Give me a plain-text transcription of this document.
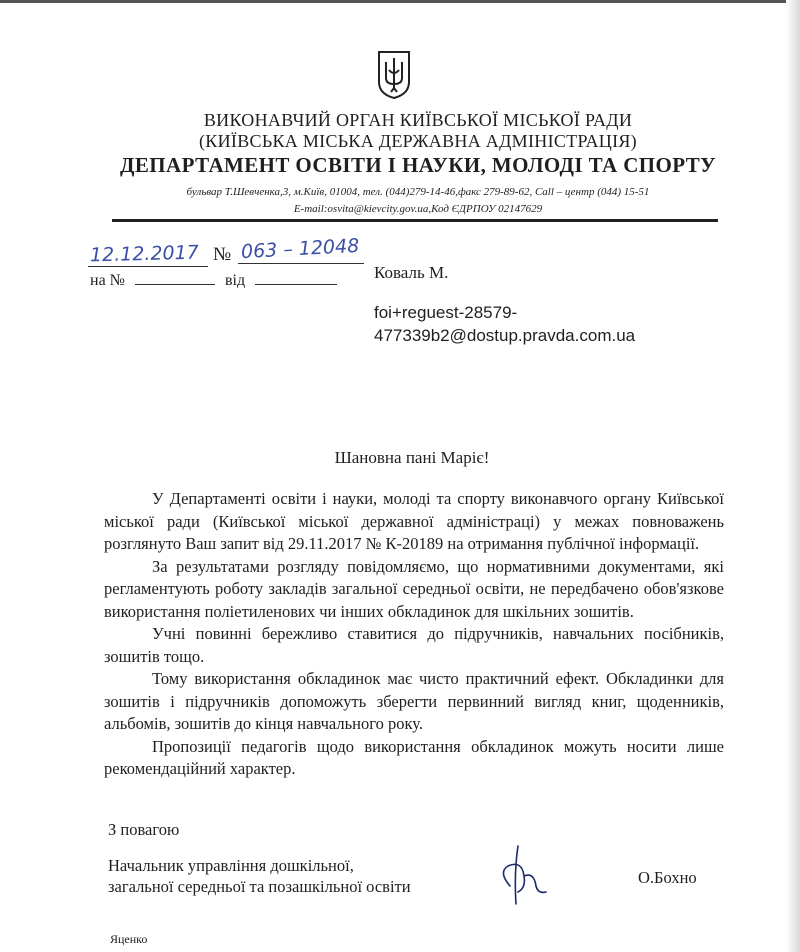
ВИКОНАВЧИЙ ОРГАН КИЇВСЬКОЇ МІСЬКОЇ РАДИ

(КИЇВСЬКА МІСЬКА ДЕРЖАВНА АДМІНІСТРАЦІЯ)

ДЕПАРТАМЕНТ ОСВІТИ І НАУКИ, МОЛОДІ ТА СПОРТУ

бульвар Т.Шевченка,3, м.Київ, 01004, тел. (044)279-14-46,факс 279-89-62, Call – центр (044) 15-51
E-mail:osvita@kievcity.gov.ua,Код ЄДРПОУ 02147629
12.12.2017 № 063 – 12048
на №	від	Коваль М.
foi+reguest-28579-
477339b2@dostup.pravda.com.ua
Шановна пані Маріє!

У Департаменті освіти і науки, молоді та спорту виконавчого органу Київської міської ради (Київської міської державної адміністраці) у межах повноважень розглянуто Ваш запит від 29.11.2017 № К-20189 на отримання публічної інформації.

За результатами розгляду повідомляємо, що нормативними документами, які регламентують роботу закладів загальної середньої освіти, не передбачено обов'язкове використання поліетиленових чи інших обкладинок для шкільних зошитів.

Учні повинні бережливо ставитися до підручників, навчальних посібників, зошитів тощо.

Тому використання обкладинок має чисто практичний ефект. Обкладинки для зошитів і підручників допоможуть зберегти первинний вигляд книг, щоденників, альбомів, зошитів до кінця навчального року.

Пропозиції педагогів щодо використання обкладинок можуть носити лише рекомендаційний характер.

З повагою
Начальник управління дошкільної,
загальної середньої та позашкільної освіти	О.Бохно
Яценко
